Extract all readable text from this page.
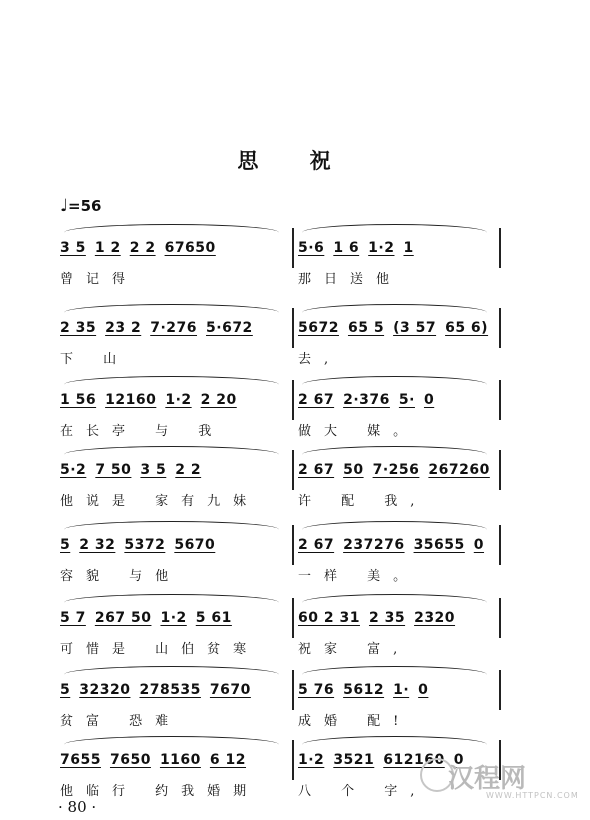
思 祝
♩=56
3 5 1 2 2 2 67650
曾记得
5·6 1 6 1·2 1
那日送他
2 35 23 2 7·276 5·672
下 山
5672 65 5 (3 57 65 6)
去,
1 56 12160 1·2 2 20
在长亭 与 我
2 67 2·376 5· 0
做大 媒。
5·2 7 50 3 5 2 2
他说是 家有九妹
2 67 50 7·256 267260
许 配 我,
5 2 32 5372 5670
容貌 与他
2 67 237276 35655 0
一样 美。
5 7 267 50 1·2 5 61
可惜是 山伯贫寒
60 2 31 2 35 2320
祝家 富,
5 32320 278535 7670
贫富 恐难
5 76 5612 1· 0
成婚 配!
7655 7650 1160 6 12
他临行 约我婚期
1·2 3521 612160 0
八 个 字,
· 80 ·
汉程网
WWW.HTTPCN.COM
